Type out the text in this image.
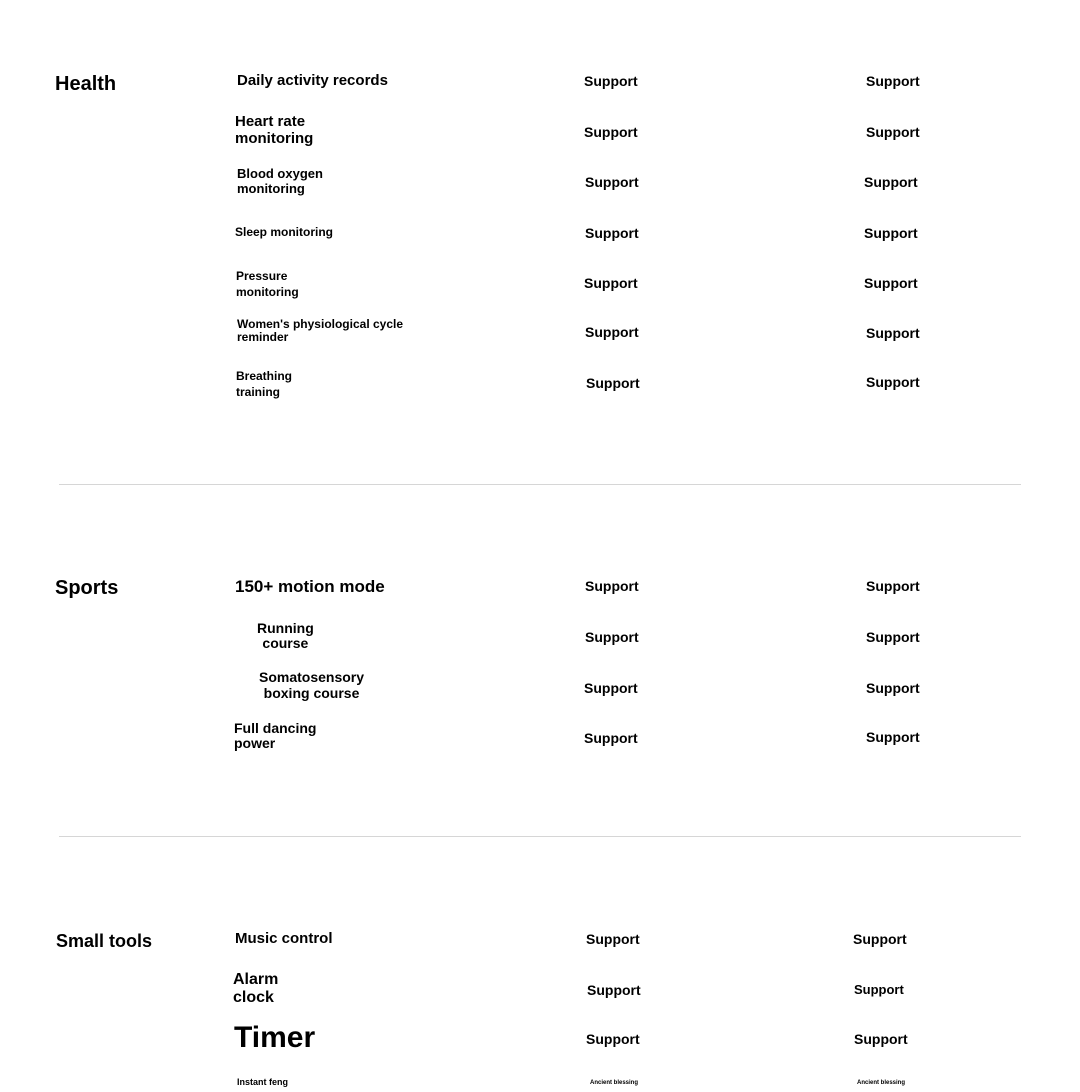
Health	Daily activity records	Support	Support
Heart rate
monitoring	Support	Support
Blood oxygen
monitoring	Support	Support
Sleep monitoring	Support	Support
Pressure
monitoring
Support	Support
Women's physiological cycle
reminder	Support	Support
Breathing
training
Support	Support
Sports	150+ motion mode	Support	Support
Running
course	Support	Support
Somatosensory
boxing course	Support	Support
Full dancing
power	Support	Support
Small tools	Music control	Support	Support
Alarm
clock	Support	Support
Timer	Support	Support
Instant feng	Ancient blessing	Ancient blessing
